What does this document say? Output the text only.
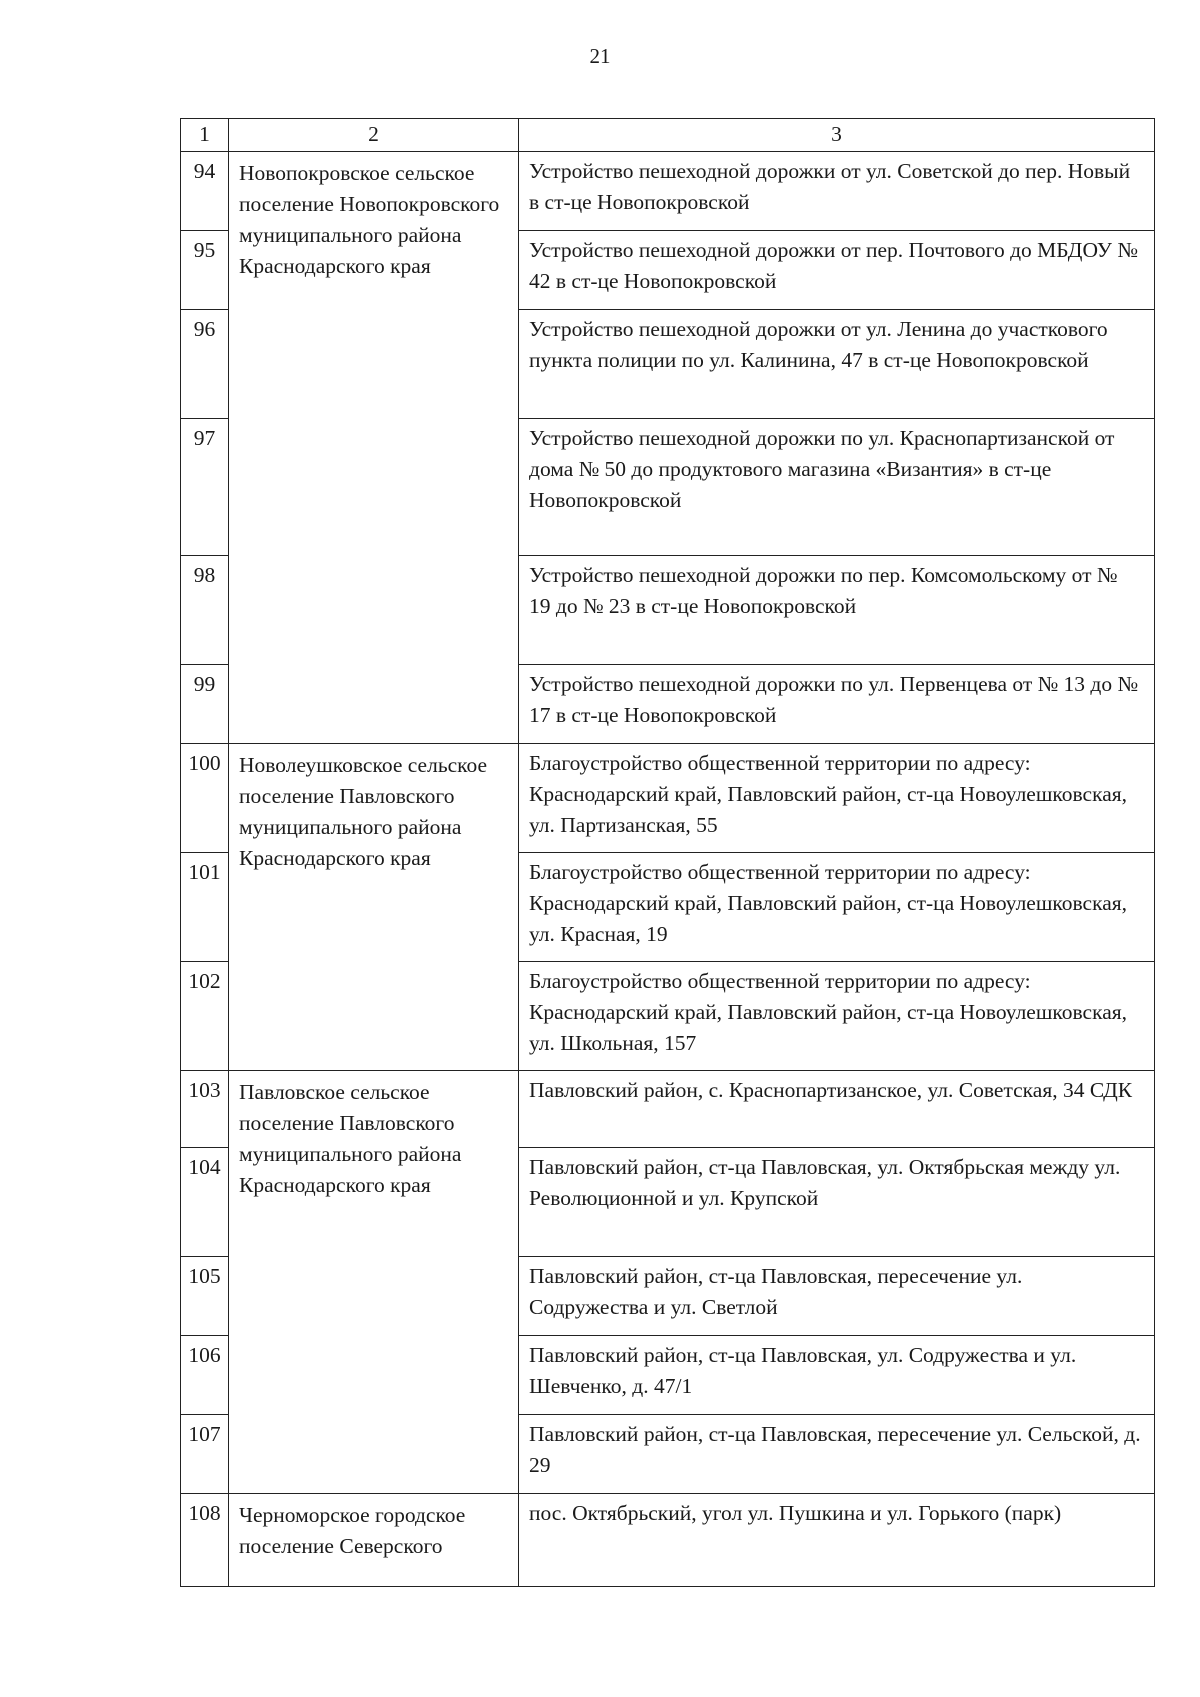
21
1	2	3
94	Новопокровское сельское поселение Новопокровского муниципального района Краснодарского края	Устройство пешеходной дорожки от ул. Советской до пер. Новый в ст-це Новопокровской
95		Устройство пешеходной дорожки от пер. Почтового до МБДОУ № 42 в ст-це Новопокровской
96		Устройство пешеходной дорожки от ул. Ленина до участкового пункта полиции по ул. Калинина, 47 в ст-це Новопокровской
97		Устройство пешеходной дорожки по ул. Краснопартизанской от дома № 50 до продуктового магазина «Византия» в ст-це Новопокровской
98		Устройство пешеходной дорожки по пер. Комсомольскому от № 19 до № 23 в ст-це Новопокровской
99		Устройство пешеходной дорожки по ул. Первенцева от № 13 до № 17 в ст-це Новопокровской
100	Новолеушковское сельское поселение Павловского муниципального района Краснодарского края	Благоустройство общественной территории по адресу: Краснодарский край, Павловский район, ст-ца Новоулешковская, ул. Партизанская, 55
101		Благоустройство общественной территории по адресу: Краснодарский край, Павловский район, ст-ца Новоулешковская, ул. Красная, 19
102		Благоустройство общественной территории по адресу: Краснодарский край, Павловский район, ст-ца Новоулешковская, ул. Школьная, 157
103	Павловское сельское поселение Павловского муниципального района Краснодарского края	Павловский район, с. Краснопартизанское, ул. Советская, 34 СДК
104		Павловский район, ст-ца Павловская, ул. Октябрьская между ул. Революционной и ул. Крупской
105		Павловский район, ст-ца Павловская, пересечение ул. Содружества и ул. Светлой
106		Павловский район, ст-ца Павловская, ул. Содружества и ул. Шевченко, д. 47/1
107		Павловский район, ст-ца Павловская, пересечение ул. Сельской, д. 29
108	Черноморское городское поселение Северского	пос. Октябрьский, угол ул. Пушкина и ул. Горького (парк)
